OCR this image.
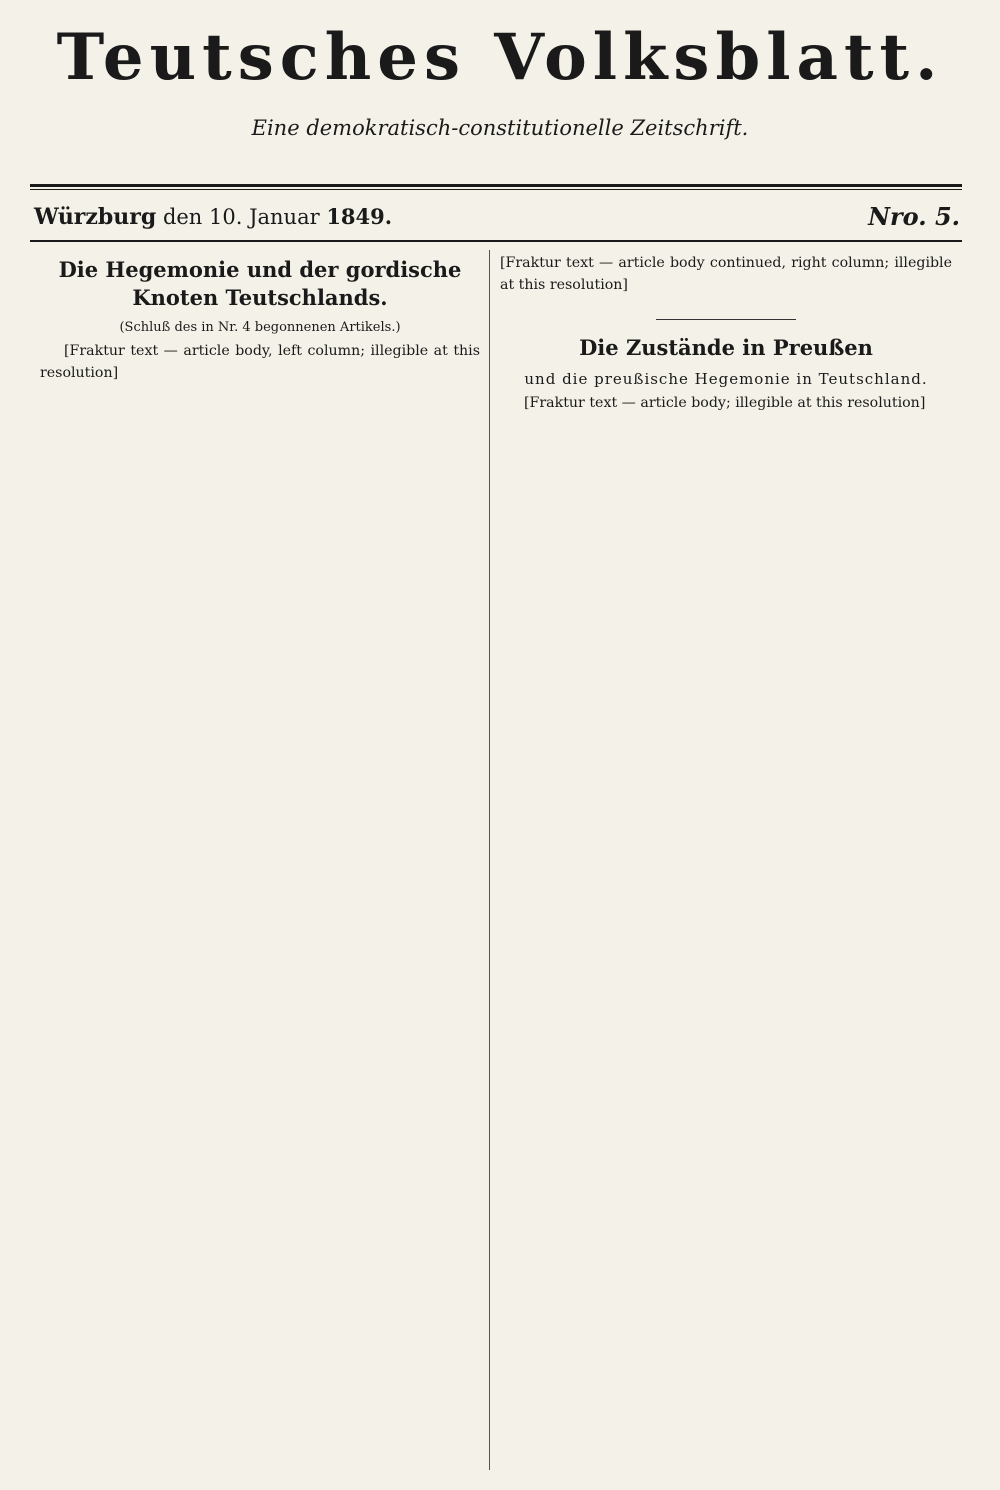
Teutsches Volksblatt.
Eine demokratisch-constitutionelle Zeitschrift.
Würzburg den 10. Januar 1849.	Nro. 5.
Die Hegemonie und der gordische Knoten Teutschlands.
(Schluß des in Nr. 4 begonnenen Artikels.)

[Fraktur text — article body, left column; illegible at this resolution]

[Fraktur text — article body continued, right column; illegible at this resolution]

Die Zustände in Preußen
und die preußische Hegemonie in Teutschland.

[Fraktur text — article body; illegible at this resolution]
